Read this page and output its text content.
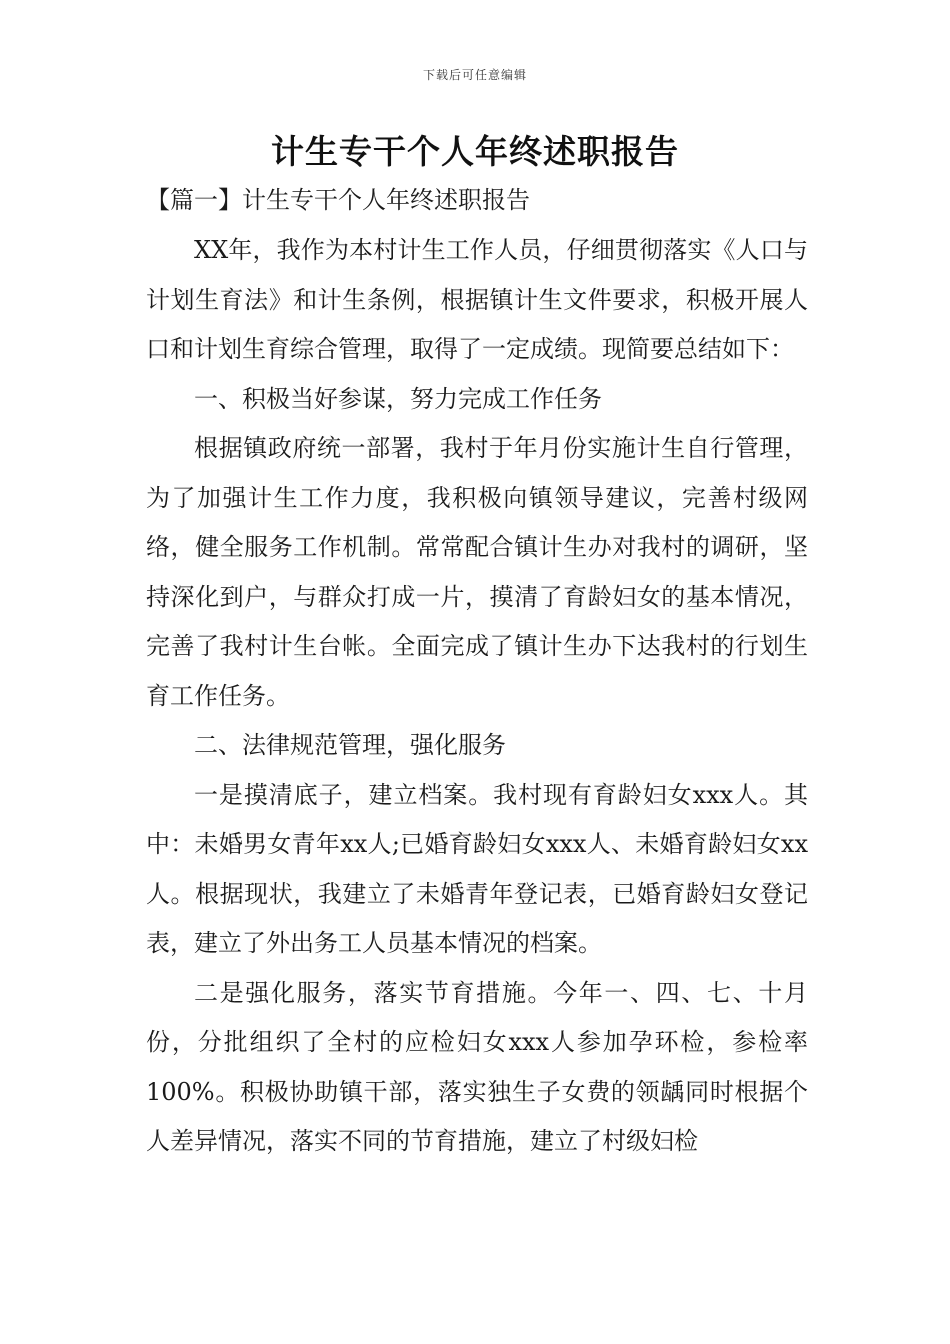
下载后可任意编辑
计生专干个人年终述职报告
【篇一】计生专干个人年终述职报告

XX年，我作为本村计生工作人员，仔细贯彻落实《人口与计划生育法》和计生条例，根据镇计生文件要求，积极开展人口和计划生育综合管理，取得了一定成绩。现简要总结如下：

一、积极当好参谋，努力完成工作任务

根据镇政府统一部署，我村于年月份实施计生自行管理，为了加强计生工作力度，我积极向镇领导建议，完善村级网络，健全服务工作机制。常常配合镇计生办对我村的调研，坚持深化到户，与群众打成一片，摸清了育龄妇女的基本情况，完善了我村计生台帐。全面完成了镇计生办下达我村的行划生育工作任务。

二、法律规范管理，强化服务

一是摸清底子，建立档案。我村现有育龄妇女xxx人。其中：未婚男女青年xx人;已婚育龄妇女xxx人、未婚育龄妇女xx人。根据现状，我建立了未婚青年登记表，已婚育龄妇女登记表，建立了外出务工人员基本情况的档案。

二是强化服务，落实节育措施。今年一、四、七、十月份，分批组织了全村的应检妇女xxx人参加孕环检，参检率100%。积极协助镇干部，落实独生子女费的领龋同时根据个人差异情况，落实不同的节育措施，建立了村级妇检
